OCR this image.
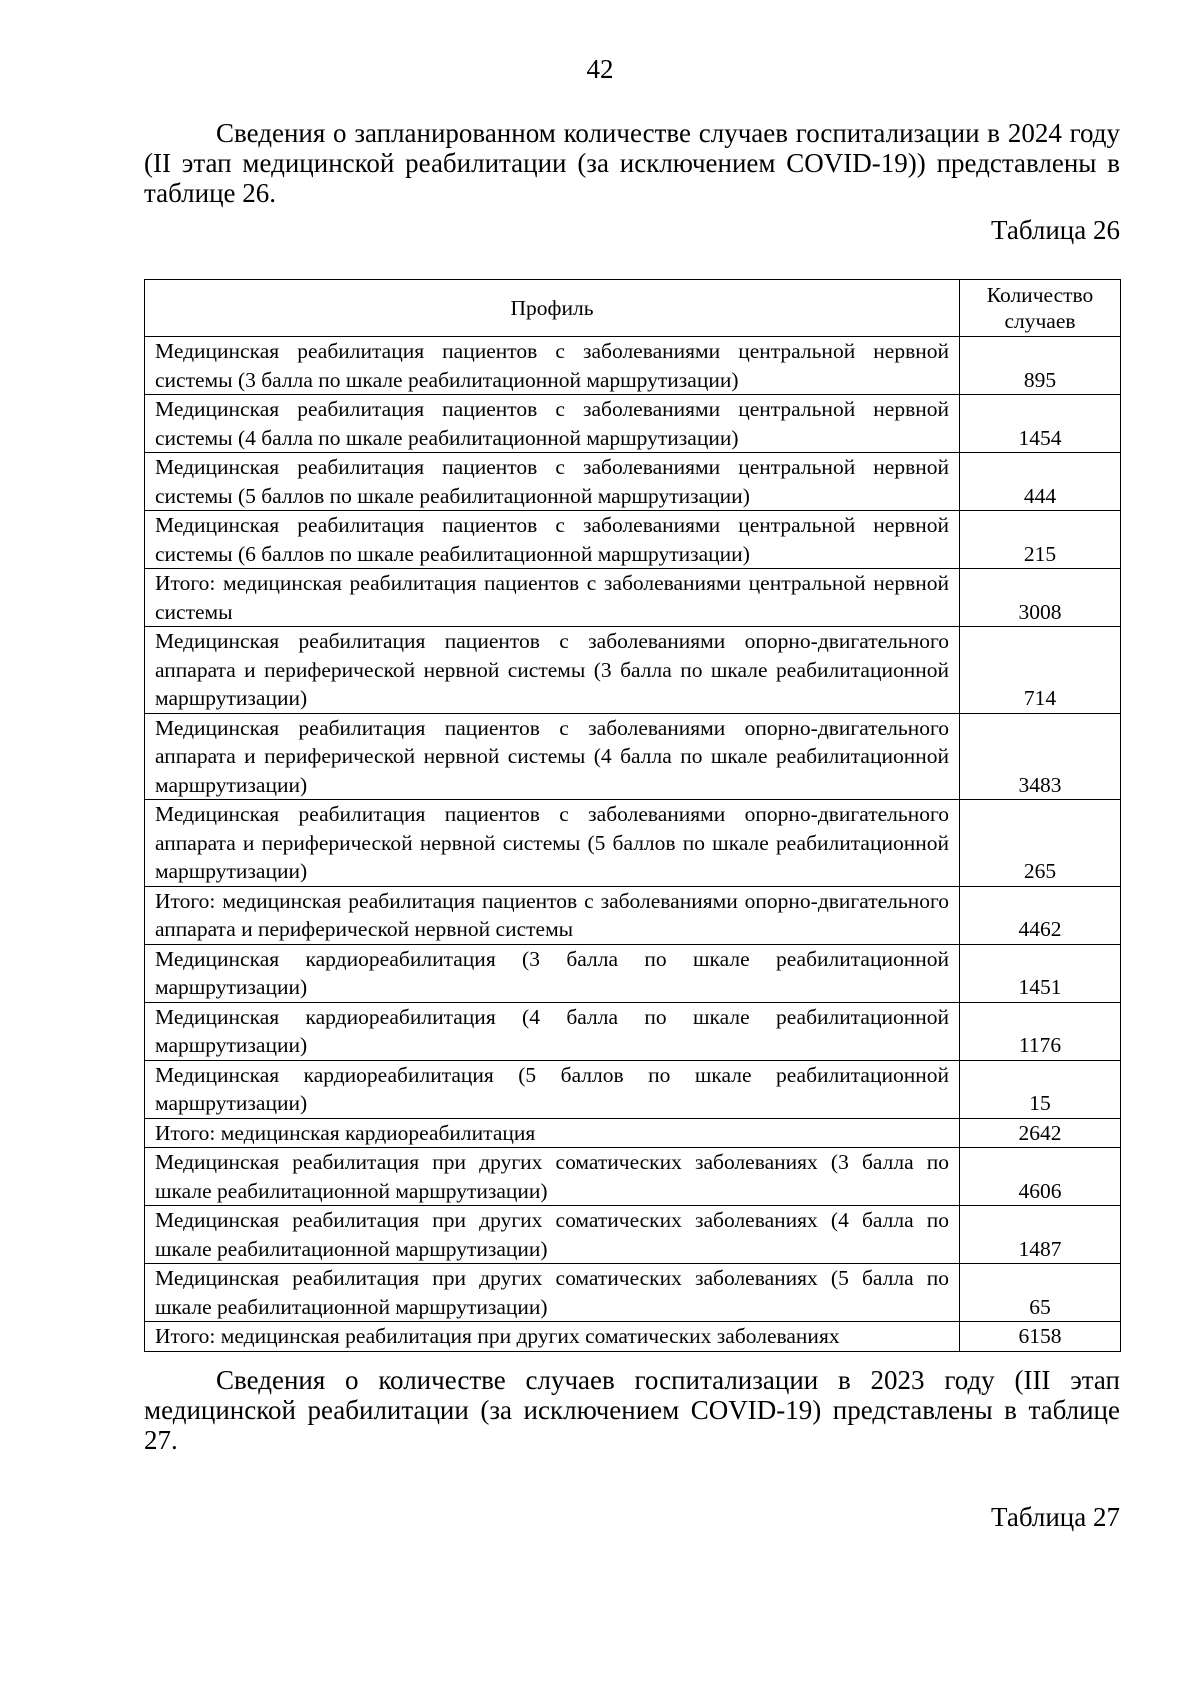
42

Сведения о запланированном количестве случаев госпитализации в 2024 году (II этап медицинской реабилитации (за исключением COVID-19)) представлены в таблице 26.

Таблица 26
Профиль	Количество случаев
Медицинская реабилитация пациентов с заболеваниями центральной нервной системы (3 балла по шкале реабилитационной маршрутизации)	895
Медицинская реабилитация пациентов с заболеваниями центральной нервной системы (4 балла по шкале реабилитационной маршрутизации)	1454
Медицинская реабилитация пациентов с заболеваниями центральной нервной системы (5 баллов по шкале реабилитационной маршрутизации)	444
Медицинская реабилитация пациентов с заболеваниями центральной нервной системы (6 баллов по шкале реабилитационной маршрутизации)	215
Итого: медицинская реабилитация пациентов с заболеваниями центральной нервной системы	3008
Медицинская реабилитация пациентов с заболеваниями опорно-двигательного аппарата и периферической нервной системы (3 балла по шкале реабилитационной маршрутизации)	714
Медицинская реабилитация пациентов с заболеваниями опорно-двигательного аппарата и периферической нервной системы (4 балла по шкале реабилитационной маршрутизации)	3483
Медицинская реабилитация пациентов с заболеваниями опорно-двигательного аппарата и периферической нервной системы (5 баллов по шкале реабилитационной маршрутизации)	265
Итого: медицинская реабилитация пациентов с заболеваниями опорно-двигательного аппарата и периферической нервной системы	4462
Медицинская кардиореабилитация (3 балла по шкале реабилитационной маршрутизации)	1451
Медицинская кардиореабилитация (4 балла по шкале реабилитационной маршрутизации)	1176
Медицинская кардиореабилитация (5 баллов по шкале реабилитационной маршрутизации)	15
Итого: медицинская кардиореабилитация	2642
Медицинская реабилитация при других соматических заболеваниях (3 балла по шкале реабилитационной маршрутизации)	4606
Медицинская реабилитация при других соматических заболеваниях (4 балла по шкале реабилитационной маршрутизации)	1487
Медицинская реабилитация при других соматических заболеваниях (5 балла по шкале реабилитационной маршрутизации)	65
Итого: медицинская реабилитация при других соматических заболеваниях	6158

Сведения о количестве случаев госпитализации в 2023 году (III этап медицинской реабилитации (за исключением COVID-19) представлены в таблице 27.

Таблица 27
